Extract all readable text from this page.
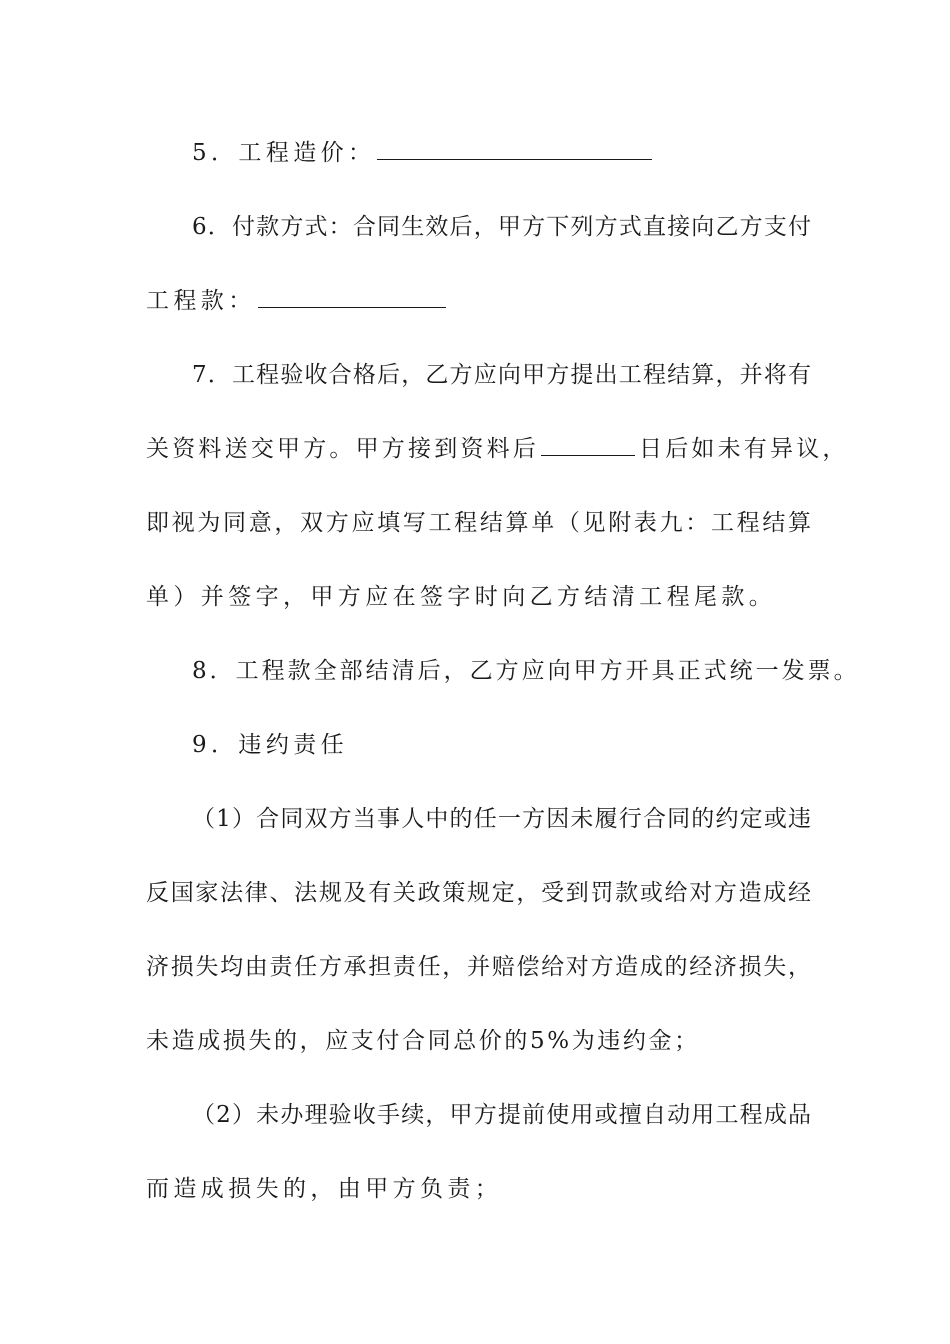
5．工程造价：
6．付款方式：合同生效后，甲方下列方式直接向乙方支付
工程款：
7．工程验收合格后，乙方应向甲方提出工程结算，并将有
关资料送交甲方。甲方接到资料后	日后如未有异议，
即视为同意，双方应填写工程结算单（见附表九：工程结算
单）并签字，甲方应在签字时向乙方结清工程尾款。
8．工程款全部结清后，乙方应向甲方开具正式统一发票。
9．违约责任
（1）合同双方当事人中的任一方因未履行合同的约定或违
反国家法律、法规及有关政策规定，受到罚款或给对方造成经
济损失均由责任方承担责任，并赔偿给对方造成的经济损失，
未造成损失的，应支付合同总价的5%为违约金；
（2）未办理验收手续，甲方提前使用或擅自动用工程成品
而造成损失的，由甲方负责；
